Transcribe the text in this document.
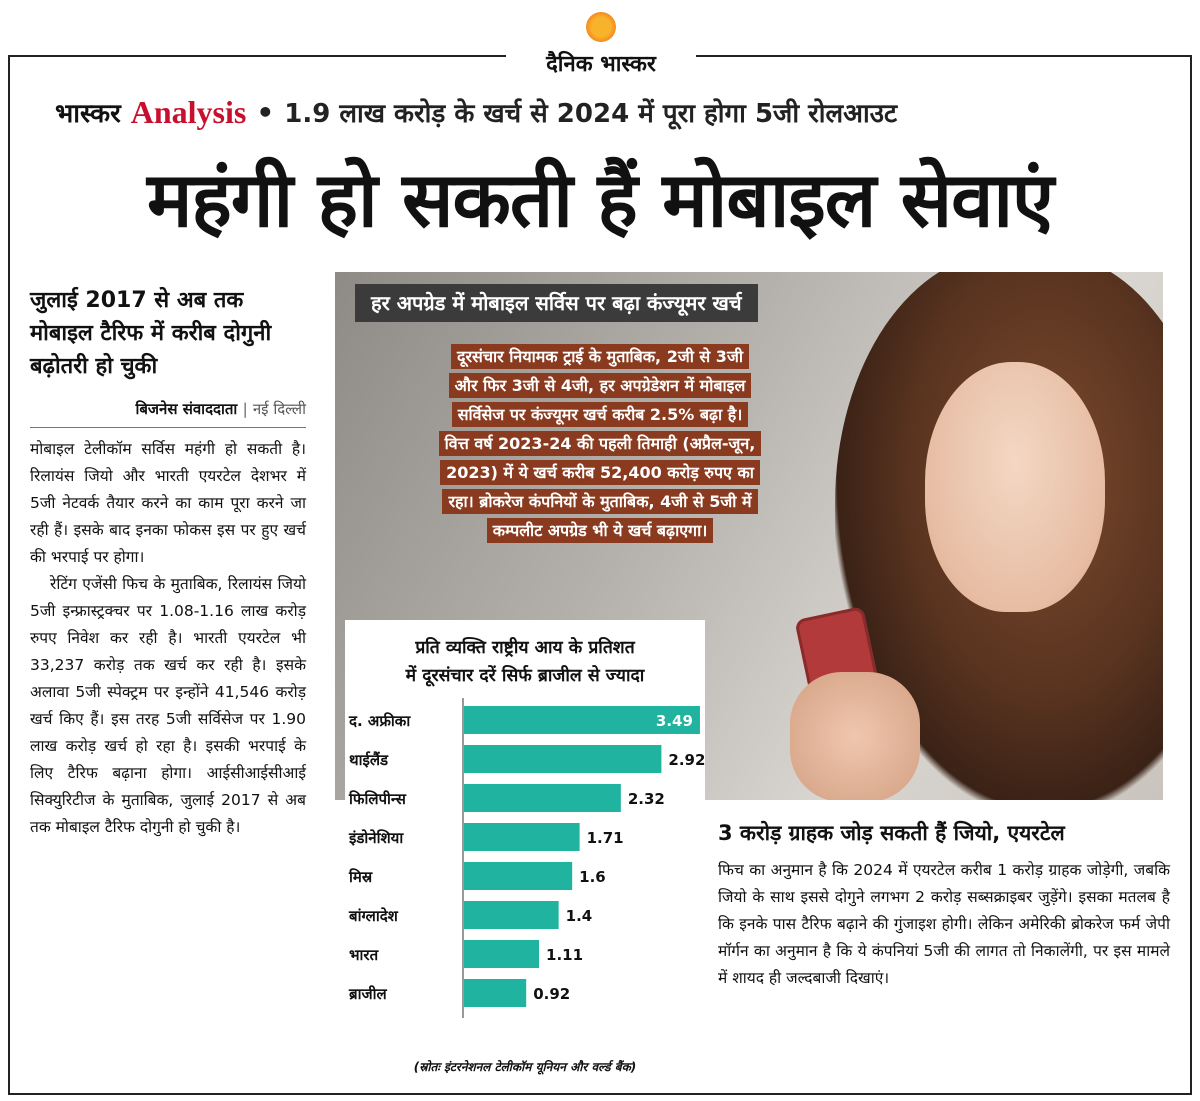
दैनिक भास्कर
भास्कर Analysis • 1.9 लाख करोड़ के खर्च से 2024 में पूरा होगा 5जी रोलआउट
महंगी हो सकती हैं मोबाइल सेवाएं

जुलाई 2017 से अब तक मोबाइल टैरिफ में करीब दोगुनी बढ़ोतरी हो चुकी

बिजनेस संवाददाता | नई दिल्ली

मोबाइल टेलीकॉम सर्विस महंगी हो सकती है। रिलायंस जियो और भारती एयरटेल देशभर में 5जी नेटवर्क तैयार करने का काम पूरा करने जा रही हैं। इसके बाद इनका फोकस इस पर हुए खर्च की भरपाई पर होगा।

रेटिंग एजेंसी फिच के मुताबिक, रिलायंस जियो 5जी इन्फ्रास्ट्रक्चर पर 1.08-1.16 लाख करोड़ रुपए निवेश कर रही है। भारती एयरटेल भी 33,237 करोड़ तक खर्च कर रही है। इसके अलावा 5जी स्पेक्ट्रम पर इन्होंने 41,546 करोड़ खर्च किए हैं। इस तरह 5जी सर्विसेज पर 1.90 लाख करोड़ खर्च हो रहा है। इसकी भरपाई के लिए टैरिफ बढ़ाना होगा। आईसीआईसीआई सिक्युरिटीज के मुताबिक, जुलाई 2017 से अब तक मोबाइल टैरिफ दोगुनी हो चुकी है।

हर अपग्रेड में मोबाइल सर्विस पर बढ़ा कंज्यूमर खर्च
दूरसंचार नियामक ट्राई के मुताबिक, 2जी से 3जी
और फिर 3जी से 4जी, हर अपग्रेडेशन में मोबाइल
सर्विसेज पर कंज्यूमर खर्च करीब 2.5% बढ़ा है।
वित्त वर्ष 2023-24 की पहली तिमाही (अप्रैल-जून,
2023) में ये खर्च करीब 52,400 करोड़ रुपए का
रहा। ब्रोकरेज कंपनियों के मुताबिक, 4जी से 5जी में
कम्पलीट अपग्रेड भी ये खर्च बढ़ाएगा।
प्रति व्यक्ति राष्ट्रीय आय के प्रतिशत
में दूरसंचार दरें सिर्फ ब्राजील से ज्यादा
द. अफ्रीका	3.49
थाईलैंड	2.92
फिलिपीन्स	2.32
इंडोनेशिया	1.71
मिस्र	1.6
बांग्लादेश	1.4
भारत	1.11
ब्राजील	0.92
(स्रोतः इंटरनेशनल टेलीकॉम यूनियन और वर्ल्ड बैंक)

3 करोड़ ग्राहक जोड़ सकती हैं जियो, एयरटेल

फिच का अनुमान है कि 2024 में एयरटेल करीब 1 करोड़ ग्राहक जोड़ेगी, जबकि जियो के साथ इससे दोगुने लगभग 2 करोड़ सब्सक्राइबर जुड़ेंगे। इसका मतलब है कि इनके पास टैरिफ बढ़ाने की गुंजाइश होगी। लेकिन अमेरिकी ब्रोकरेज फर्म जेपी मॉर्गन का अनुमान है कि ये कंपनियां 5जी की लागत तो निकालेंगी, पर इस मामले में शायद ही जल्दबाजी दिखाएं।
